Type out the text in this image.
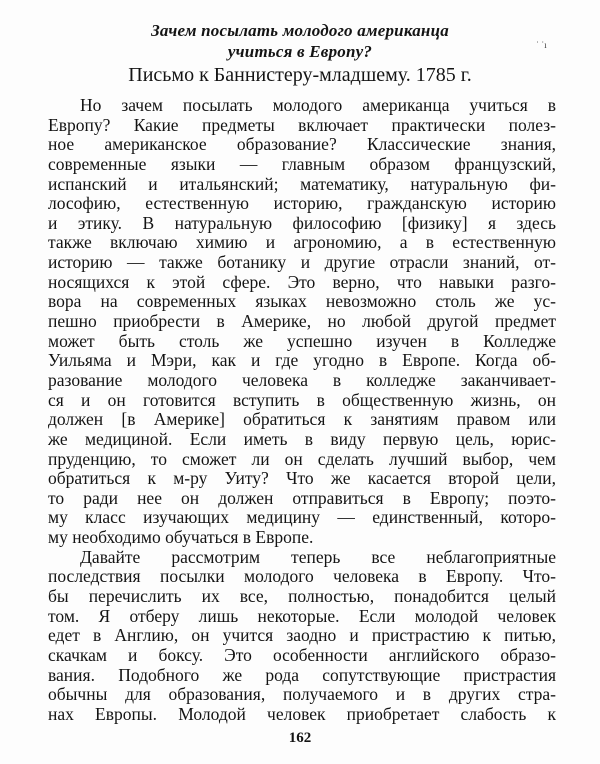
Зачем посылать молодого американца
учиться в Европу?	˙ ˙ı
Письмо к Баннистеру-младшему. 1785 г.
Но зачем посылать молодого американца учиться в
Европу? Какие предметы включает практически полез-
ное американское образование? Классические знания,
современные языки — главным образом французский,
испанский и итальянский; математику, натуральную фи-
лософию, естественную историю, гражданскую историю
и этику. В натуральную философию [физику] я здесь
также включаю химию и агрономию, а в естественную
историю — также ботанику и другие отрасли знаний, от-
носящихся к этой сфере. Это верно, что навыки разго-
вора на современных языках невозможно столь же ус-
пешно приобрести в Америке, но любой другой предмет
может быть столь же успешно изучен в Колледже
Уильяма и Мэри, как и где угодно в Европе. Когда об-
разование молодого человека в колледже заканчивает-
ся и он готовится вступить в общественную жизнь, он
должен [в Америке] обратиться к занятиям правом или
же медициной. Если иметь в виду первую цель, юрис-
пруденцию, то сможет ли он сделать лучший выбор, чем
обратиться к м-ру Уиту? Что же касается второй цели,
то ради нее он должен отправиться в Европу; поэто-
му класс изучающих медицину — единственный, которо-
му необходимо обучаться в Европе.
Давайте рассмотрим теперь все неблагоприятные
последствия посылки молодого человека в Европу. Что-
бы перечислить их все, полностью, понадобится целый
том. Я отберу лишь некоторые. Если молодой человек
едет в Англию, он учится заодно и пристрастию к питью,
скачкам и боксу. Это особенности английского образо-
вания. Подобного же рода сопутствующие пристрастия
обычны для образования, получаемого и в других стра-
нах Европы. Молодой человек приобретает слабость к
162
